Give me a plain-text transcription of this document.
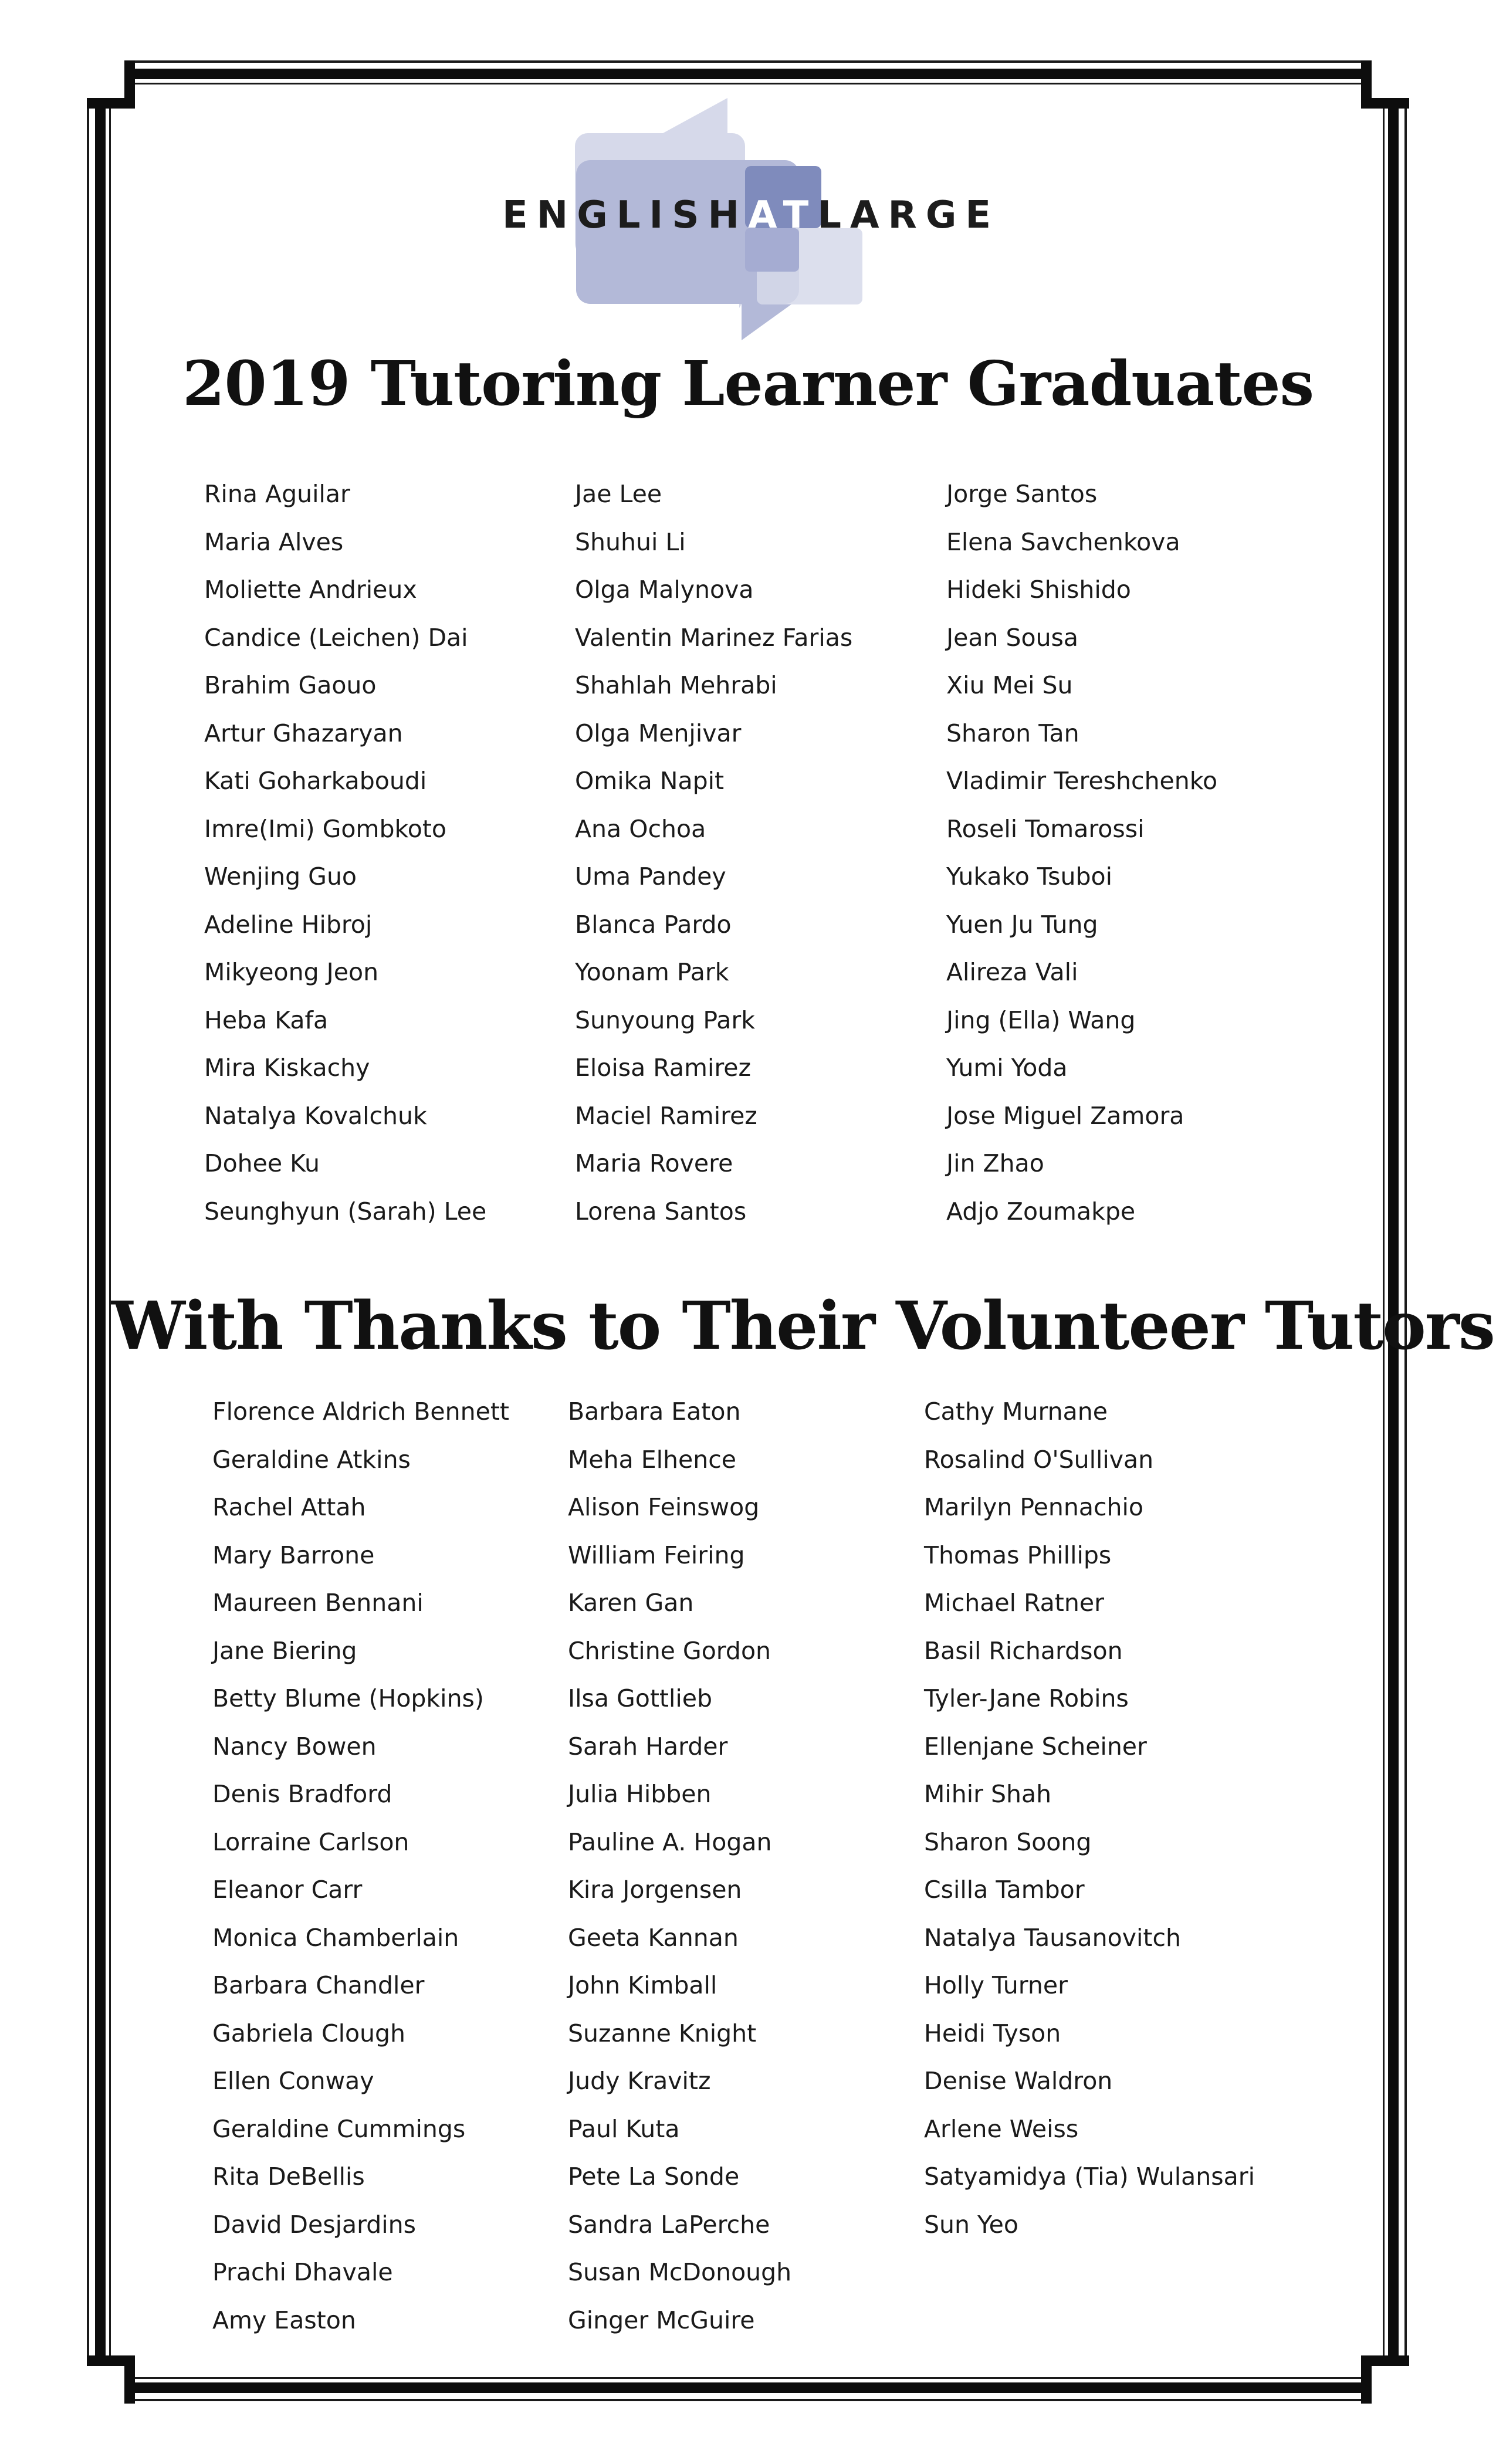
ENGLISHATLARGE
2019 Tutoring Learner Graduates
Rina Aguilar
Maria Alves
Moliette Andrieux
Candice (Leichen) Dai
Brahim Gaouo
Artur Ghazaryan
Kati Goharkaboudi
Imre(Imi) Gombkoto
Wenjing Guo
Adeline Hibroj
Mikyeong Jeon
Heba Kafa
Mira Kiskachy
Natalya Kovalchuk
Dohee Ku
Seunghyun (Sarah) Lee
Jae Lee
Shuhui Li
Olga Malynova
Valentin Marinez Farias
Shahlah Mehrabi
Olga Menjivar
Omika Napit
Ana Ochoa
Uma Pandey
Blanca Pardo
Yoonam Park
Sunyoung Park
Eloisa Ramirez
Maciel Ramirez
Maria Rovere
Lorena Santos
Jorge Santos
Elena Savchenkova
Hideki Shishido
Jean Sousa
Xiu Mei Su
Sharon Tan
Vladimir Tereshchenko
Roseli Tomarossi
Yukako Tsuboi
Yuen Ju Tung
Alireza Vali
Jing (Ella) Wang
Yumi Yoda
Jose Miguel Zamora
Jin Zhao
Adjo Zoumakpe
With Thanks to Their Volunteer Tutors
Florence Aldrich Bennett
Geraldine Atkins
Rachel Attah
Mary Barrone
Maureen Bennani
Jane Biering
Betty Blume (Hopkins)
Nancy Bowen
Denis Bradford
Lorraine Carlson
Eleanor Carr
Monica Chamberlain
Barbara Chandler
Gabriela Clough
Ellen Conway
Geraldine Cummings
Rita DeBellis
David Desjardins
Prachi Dhavale
Amy Easton
Barbara Eaton
Meha Elhence
Alison Feinswog
William Feiring
Karen Gan
Christine Gordon
Ilsa Gottlieb
Sarah Harder
Julia Hibben
Pauline A. Hogan
Kira Jorgensen
Geeta Kannan
John Kimball
Suzanne Knight
Judy Kravitz
Paul Kuta
Pete La Sonde
Sandra LaPerche
Susan McDonough
Ginger McGuire
Cathy Murnane
Rosalind O'Sullivan
Marilyn Pennachio
Thomas Phillips
Michael Ratner
Basil Richardson
Tyler-Jane Robins
Ellenjane Scheiner
Mihir Shah
Sharon Soong
Csilla Tambor
Natalya Tausanovitch
Holly Turner
Heidi Tyson
Denise Waldron
Arlene Weiss
Satyamidya (Tia) Wulansari
Sun Yeo
